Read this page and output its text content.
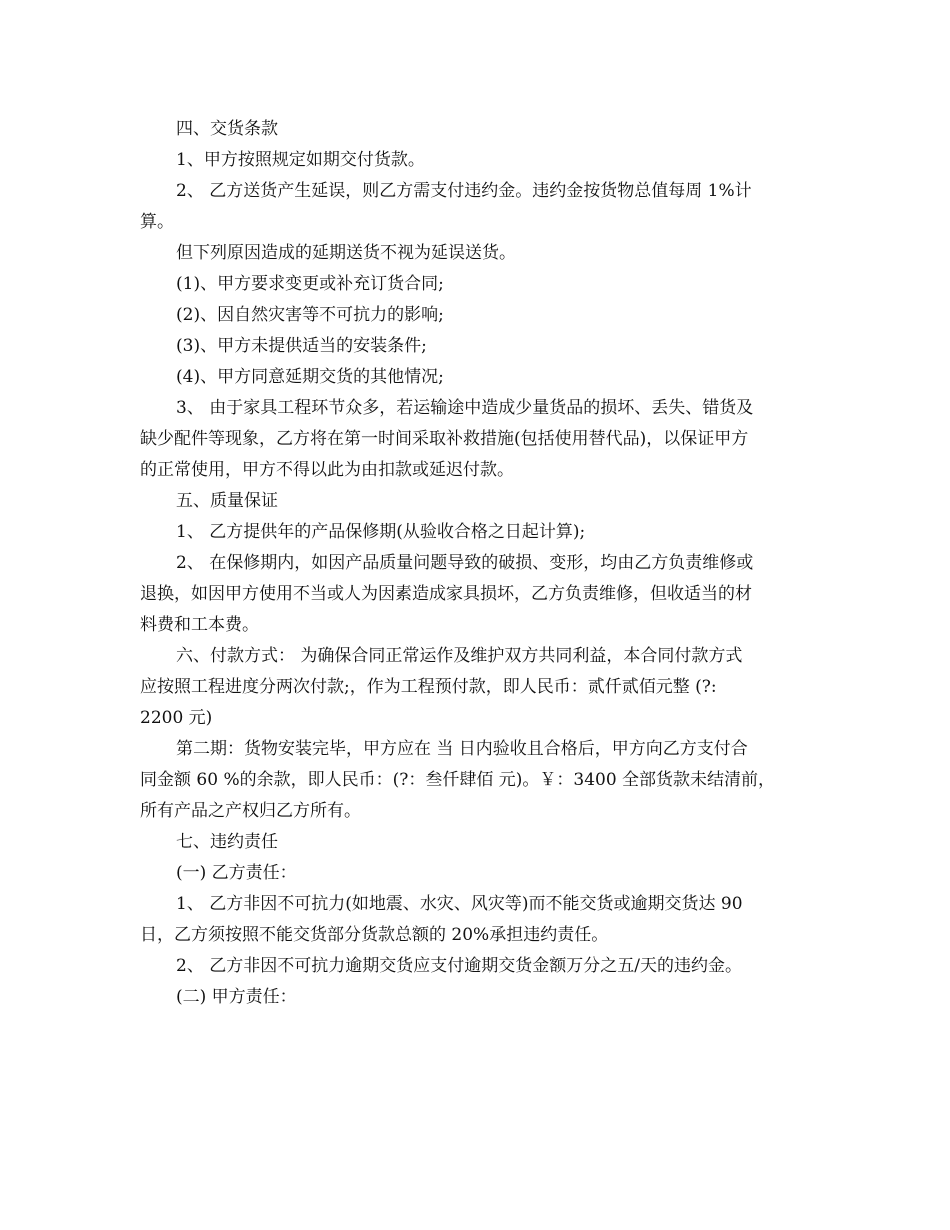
四、交货条款

1、甲方按照规定如期交付货款。

2、 乙方送货产生延误，则乙方需支付违约金。违约金按货物总值每周 1%计

算。

但下列原因造成的延期送货不视为延误送货。

(1)、甲方要求变更或补充订货合同;

(2)、因自然灾害等不可抗力的影响;

(3)、甲方未提供适当的安装条件;

(4)、甲方同意延期交货的其他情况;

3、 由于家具工程环节众多，若运输途中造成少量货品的损坏、丢失、错货及

缺少配件等现象，乙方将在第一时间采取补救措施(包括使用替代品)，以保证甲方

的正常使用，甲方不得以此为由扣款或延迟付款。

五、质量保证

1、 乙方提供年的产品保修期(从验收合格之日起计算);

2、 在保修期内，如因产品质量问题导致的破损、变形，均由乙方负责维修或

退换，如因甲方使用不当或人为因素造成家具损坏，乙方负责维修，但收适当的材

料费和工本费。

六、付款方式： 为确保合同正常运作及维护双方共同利益，本合同付款方式

应按照工程进度分两次付款;，作为工程预付款，即人民币：贰仟贰佰元整 (?:

2200 元)

第二期：货物安装完毕，甲方应在 当 日内验收且合格后，甲方向乙方支付合

同金额 60 %的余款，即人民币：(?：叁仟肆佰 元)。￥：3400 全部货款未结清前，

所有产品之产权归乙方所有。

七、违约责任

(一) 乙方责任：

1、 乙方非因不可抗力(如地震、水灾、风灾等)而不能交货或逾期交货达 90

日，乙方须按照不能交货部分货款总额的 20%承担违约责任。

2、 乙方非因不可抗力逾期交货应支付逾期交货金额万分之五/天的违约金。

(二) 甲方责任：
